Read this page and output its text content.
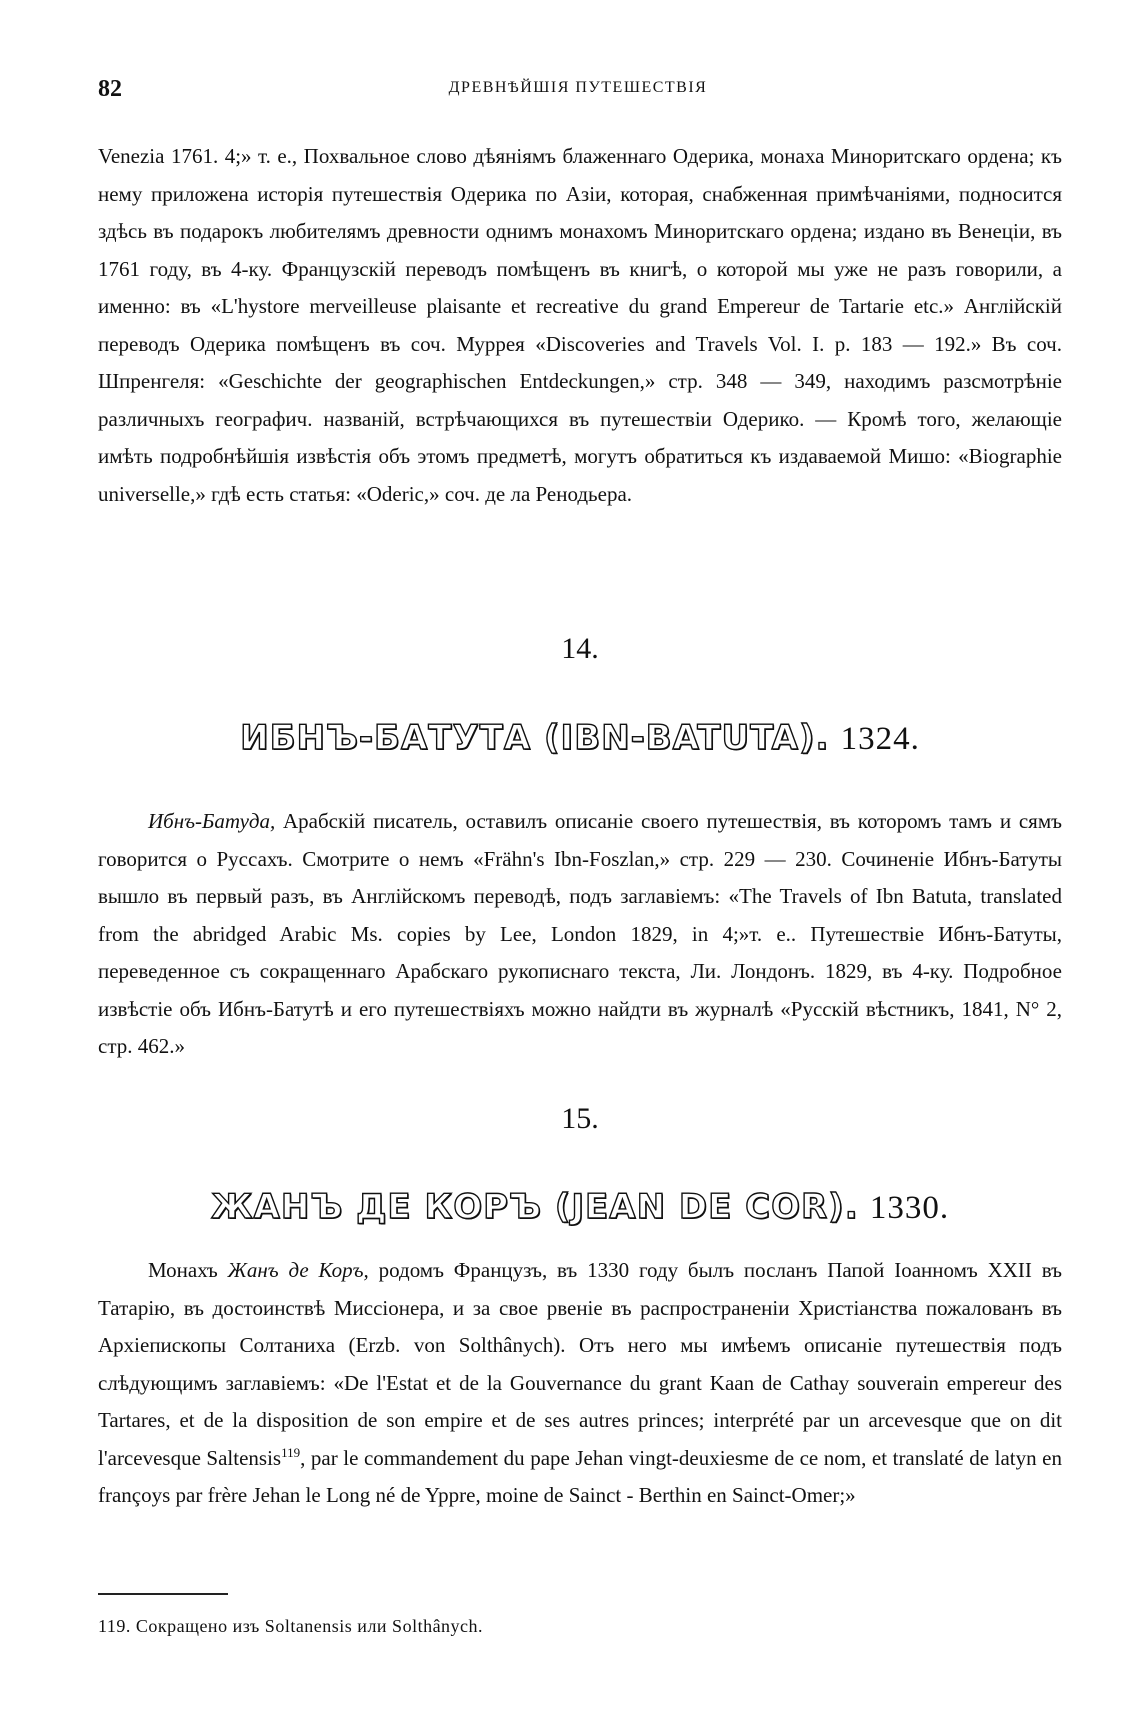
82	ДРЕВНѢЙШІЯ ПУТЕШЕСТВІЯ
Venezia 1761. 4;» т. е., Похвальное слово дѣяніямъ блаженнаго Одерика, монаха Миноритскаго ордена; къ нему приложена исторія путешествія Одерика по Азіи, которая, снабженная примѣчаніями, подносится здѣсь въ подарокъ любителямъ древности однимъ монахомъ Миноритскаго ордена; издано въ Венеціи, въ 1761 году, въ 4-ку. Французскій переводъ помѣщенъ въ книгѣ, о которой мы уже не разъ говорили, а именно: въ «L'hystore merveilleuse plaisante et recreative du grand Empereur de Tartarie etc.» Англійскій переводъ Одерика помѣщенъ въ соч. Муррея «Discoveries and Travels Vol. I. p. 183 — 192.» Въ соч. Шпренгеля: «Geschichte der geographischen Entdeckungen,» стр. 348 — 349, находимъ разсмотрѣніе различныхъ географич. названій, встрѣчающихся въ путешествіи Одерико. — Кромѣ того, желающіе имѣть подробнѣйшія извѣстія объ этомъ предметѣ, могутъ обратиться къ издаваемой Мишо: «Biographie universelle,» гдѣ есть статья: «Oderic,» соч. де ла Ренодьера.
14.
ИБНЪ-БАТУТА (IBN-BATUTA). 1324.
Ибнъ-Батуда, Арабскій писатель, оставилъ описаніе своего путешествія, въ которомъ тамъ и сямъ говорится о Руссахъ. Смотрите о немъ «Frähn's Ibn-Foszlan,» стр. 229 — 230. Сочиненіе Ибнъ-Батуты вышло въ первый разъ, въ Англійскомъ переводѣ, подъ заглавіемъ: «The Travels of Ibn Batuta, translated from the abridged Arabic Ms. copies by Lee, London 1829, in 4;»т. е.. Путешествіе Ибнъ-Батуты, переведенное съ сокращеннаго Арабскаго рукописнаго текста, Ли. Лондонъ. 1829, въ 4-ку. Подробное извѣстіе объ Ибнъ-Батутѣ и его путешествіяхъ можно найдти въ журналѣ «Русскій вѣстникъ, 1841, N° 2, стр. 462.»
15.
ЖАНЪ ДЕ КОРЪ (JEAN DE COR). 1330.
Монахъ Жанъ де Коръ, родомъ Французъ, въ 1330 году былъ посланъ Папой Іоанномъ XXII въ Татарію, въ достоинствѣ Миссіонера, и за свое рвеніе въ распространеніи Христіанства пожалованъ въ Архіепископы Солтаниха (Erzb. von Solthânych). Отъ него мы имѣемъ описаніе путешествія подъ слѣдующимъ заглавіемъ: «De l'Estat et de la Gouvernance du grant Kaan de Cathay souverain empereur des Tartares, et de la disposition de son empire et de ses autres princes; interprété par un arcevesque que on dit l'arcevesque Saltensis$^{119}$, par le commandement du pape Jehan vingt-deuxiesme de ce nom, et translaté de latyn en françoys par frère Jehan le Long né de Yppre, moine de Sainct - Berthin en Sainct-Omer;»
119. Сокращено изъ Soltanensis или Solthânych.
